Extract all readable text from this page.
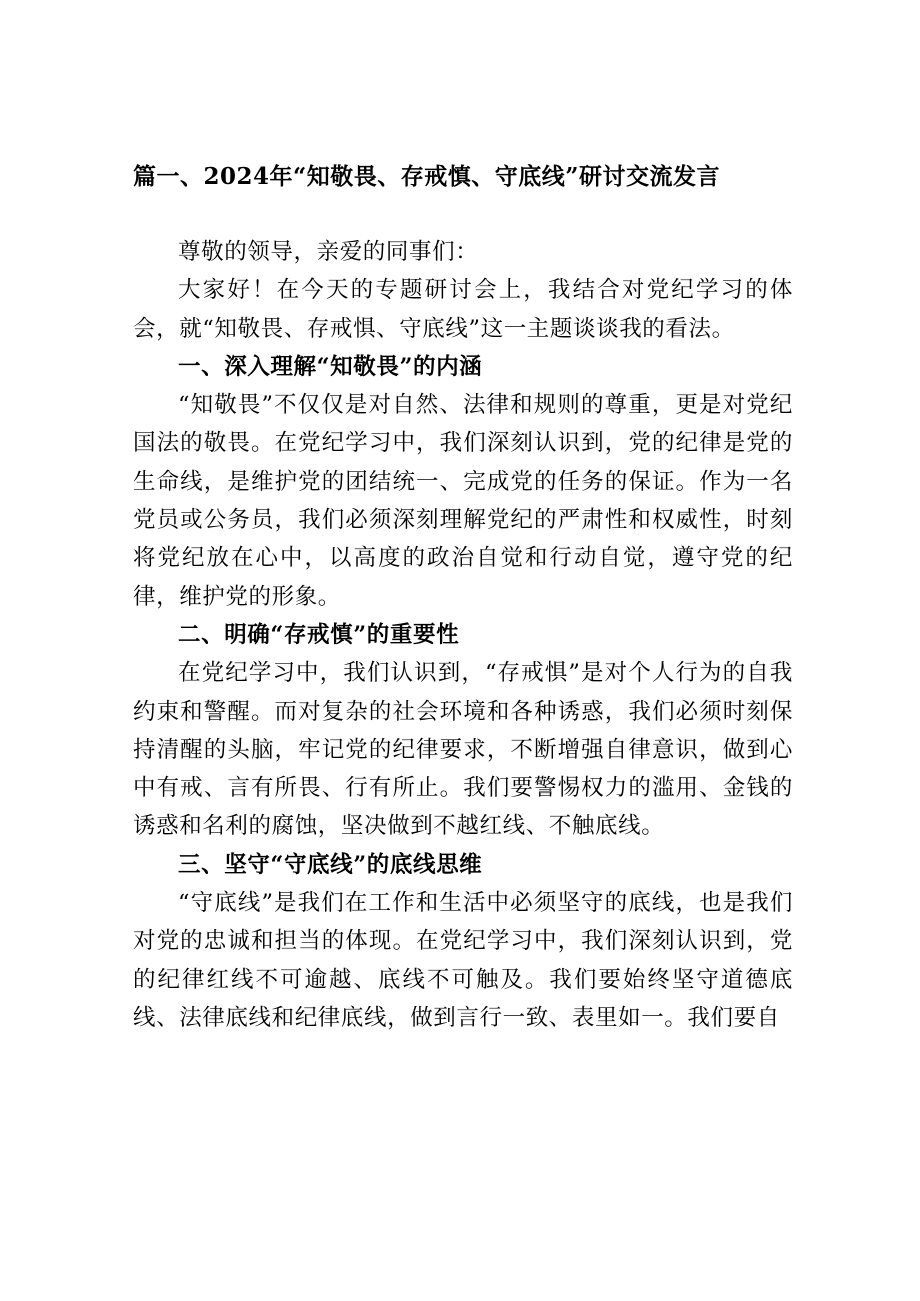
篇一、2024年“知敬畏、存戒慎、守底线”研讨交流发言

尊敬的领导，亲爱的同事们：

大家好！在今天的专题研讨会上，我结合对党纪学习的体会，就“知敬畏、存戒惧、守底线”这一主题谈谈我的看法。

一、深入理解“知敬畏”的内涵

“知敬畏”不仅仅是对自然、法律和规则的尊重，更是对党纪国法的敬畏。在党纪学习中，我们深刻认识到，党的纪律是党的生命线，是维护党的团结统一、完成党的任务的保证。作为一名党员或公务员，我们必须深刻理解党纪的严肃性和权威性，时刻将党纪放在心中，以高度的政治自觉和行动自觉，遵守党的纪律，维护党的形象。

二、明确“存戒慎”的重要性

在党纪学习中，我们认识到，“存戒惧”是对个人行为的自我约束和警醒。而对复杂的社会环境和各种诱惑，我们必须时刻保持清醒的头脑，牢记党的纪律要求，不断增强自律意识，做到心中有戒、言有所畏、行有所止。我们要警惕权力的滥用、金钱的诱惑和名利的腐蚀，坚决做到不越红线、不触底线。

三、坚守“守底线”的底线思维

“守底线”是我们在工作和生活中必须坚守的底线，也是我们对党的忠诚和担当的体现。在党纪学习中，我们深刻认识到，党的纪律红线不可逾越、底线不可触及。我们要始终坚守道德底线、法律底线和纪律底线，做到言行一致、表里如一。我们要自
